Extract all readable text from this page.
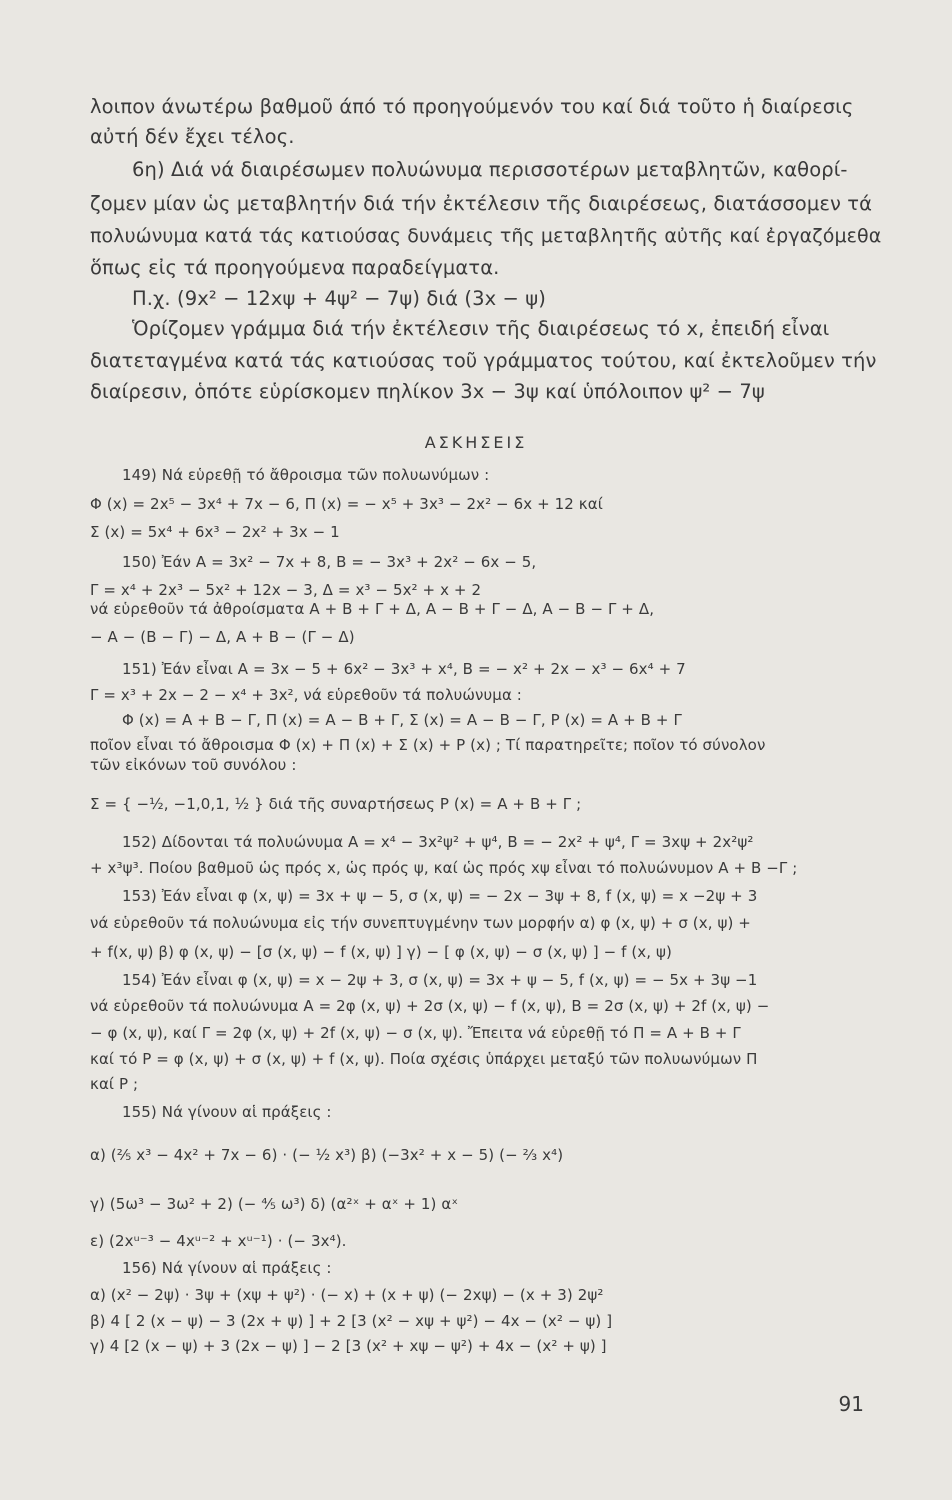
λοιπον άνωτέρω βαθμοῦ άπό τό προηγούμενόν του καί διά τοῦτο ἡ διαίρεσις
αὐτή δέν ἔχει τέλος.
6η) Διά νά διαιρέσωμεν πολυώνυμα περισσοτέρων μεταβλητῶν, καθορί-
ζομεν μίαν ὡς μεταβλητήν διά τήν ἐκτέλεσιν τῆς διαιρέσεως, διατάσσομεν τά
πολυώνυμα κατά τάς κατιούσας δυνάμεις τῆς μεταβλητῆς αὐτῆς καί ἐργαζόμεθα
ὅπως εἰς τά προηγούμενα παραδείγματα.
Π.χ. (9x² − 12xψ + 4ψ² − 7ψ) διά (3x − ψ)
Ὁρίζομεν γράμμα διά τήν ἐκτέλεσιν τῆς διαιρέσεως τό x, ἐπειδή εἶναι
διατεταγμένα κατά τάς κατιούσας τοῦ γράμματος τούτου, καί ἐκτελοῦμεν τήν
διαίρεσιν, ὁπότε εὑρίσκομεν πηλίκον 3x − 3ψ καί ὑπόλοιπον ψ² − 7ψ
ΑΣΚΗΣΕΙΣ
149) Νά εὑρεθῇ τό ἄθροισμα τῶν πολυωνύμων :
Φ (x) = 2x⁵ − 3x⁴ + 7x − 6, Π (x) = − x⁵ + 3x³ − 2x² − 6x + 12 καί
Σ (x) = 5x⁴ + 6x³ − 2x² + 3x − 1
150) Ἐάν Α = 3x² − 7x + 8, Β = − 3x³ + 2x² − 6x − 5,
Γ = x⁴ + 2x³ − 5x² + 12x − 3, Δ = x³ − 5x² + x + 2
νά εὑρεθοῦν τά ἀθροίσματα Α + Β + Γ + Δ, Α − Β + Γ − Δ, Α − Β − Γ + Δ,
− Α − (Β − Γ) − Δ, Α + Β − (Γ − Δ)
151) Ἐάν εἶναι Α = 3x − 5 + 6x² − 3x³ + x⁴, Β = − x² + 2x − x³ − 6x⁴ + 7
Γ = x³ + 2x − 2 − x⁴ + 3x², νά εὑρεθοῦν τά πολυώνυμα :
Φ (x) = Α + Β − Γ, Π (x) = Α − Β + Γ, Σ (x) = Α − Β − Γ, Ρ (x) = Α + Β + Γ
ποῖον εἶναι τό ἄθροισμα Φ (x) + Π (x) + Σ (x) + Ρ (x) ; Τί παρατηρεῖτε; ποῖον τό σύνολον
τῶν εἰκόνων τοῦ συνόλου :
Σ = { −½, −1,0,1, ½ } διά τῆς συναρτήσεως Ρ (x) = Α + Β + Γ ;
152) Δίδονται τά πολυώνυμα Α = x⁴ − 3x²ψ² + ψ⁴, Β = − 2x² + ψ⁴, Γ = 3xψ + 2x²ψ²
+ x³ψ³. Ποίου βαθμοῦ ὡς πρός x, ὡς πρός ψ, καί ὡς πρός xψ εἶναι τό πολυώνυμον Α + Β −Γ ;
153) Ἐάν εἶναι φ (x, ψ) = 3x + ψ − 5, σ (x, ψ) = − 2x − 3ψ + 8, f (x, ψ) = x −2ψ + 3
νά εὑρεθοῦν τά πολυώνυμα εἰς τήν συνεπτυγμένην των μορφήν α) φ (x, ψ) + σ (x, ψ) +
+ f(x, ψ) β) φ (x, ψ) − [σ (x, ψ) − f (x, ψ) ] γ) − [ φ (x, ψ) − σ (x, ψ) ] − f (x, ψ)
154) Ἐάν εἶναι φ (x, ψ) = x − 2ψ + 3, σ (x, ψ) = 3x + ψ − 5, f (x, ψ) = − 5x + 3ψ −1
νά εὑρεθοῦν τά πολυώνυμα Α = 2φ (x, ψ) + 2σ (x, ψ) − f (x, ψ), Β = 2σ (x, ψ) + 2f (x, ψ) −
− φ (x, ψ), καί Γ = 2φ (x, ψ) + 2f (x, ψ) − σ (x, ψ). Ἔπειτα νά εὑρεθῇ τό Π = Α + Β + Γ
καί τό Ρ = φ (x, ψ) + σ (x, ψ) + f (x, ψ). Ποία σχέσις ὑπάρχει μεταξύ τῶν πολυωνύμων Π
καί Ρ ;
155) Νά γίνουν αἱ πράξεις :
α) (⅖ x³ − 4x² + 7x − 6) · (− ½ x³) β) (−3x² + x − 5) (− ⅔ x⁴)
γ) (5ω³ − 3ω² + 2) (− ⅘ ω³) δ) (α²ˣ + αˣ + 1) αˣ
ε) (2xᵘ⁻³ − 4xᵘ⁻² + xᵘ⁻¹) · (− 3x⁴).
156) Νά γίνουν αἱ πράξεις :
α) (x² − 2ψ) · 3ψ + (xψ + ψ²) · (− x) + (x + ψ) (− 2xψ) − (x + 3) 2ψ²
β) 4 [ 2 (x − ψ) − 3 (2x + ψ) ] + 2 [3 (x² − xψ + ψ²) − 4x − (x² − ψ) ]
γ) 4 [2 (x − ψ) + 3 (2x − ψ) ] − 2 [3 (x² + xψ − ψ²) + 4x − (x² + ψ) ]
91
